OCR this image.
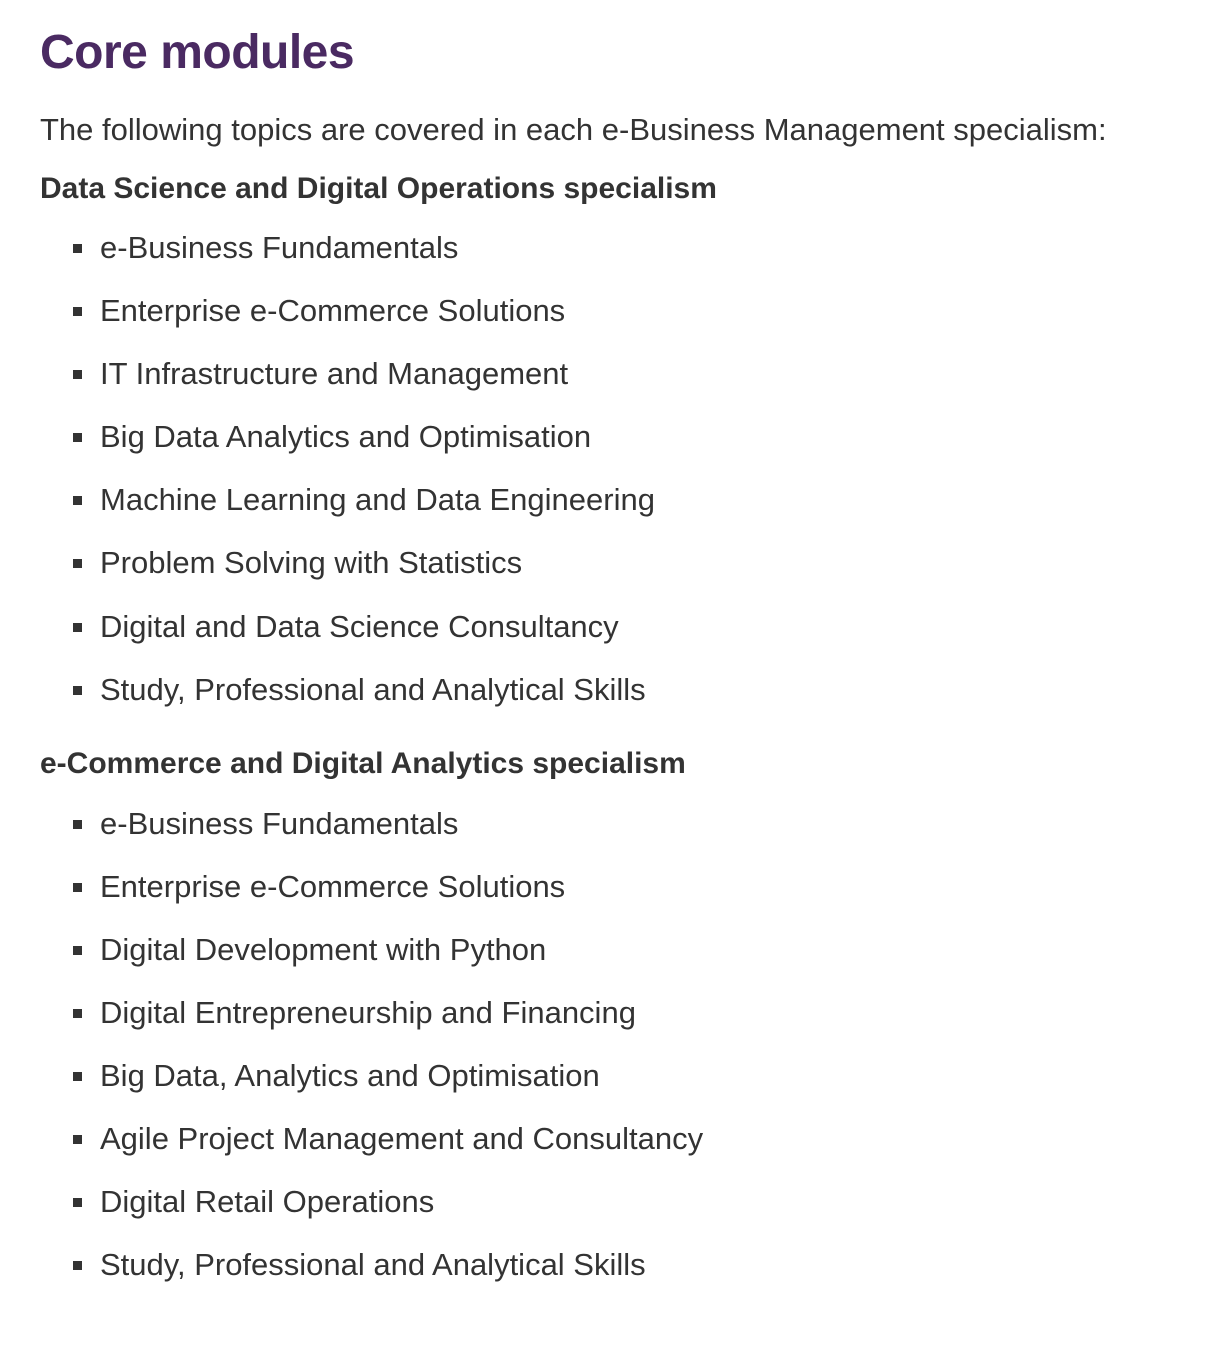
Core modules

The following topics are covered in each e-Business Management specialism:

Data Science and Digital Operations specialism
e-Business Fundamentals
Enterprise e-Commerce Solutions
IT Infrastructure and Management
Big Data Analytics and Optimisation
Machine Learning and Data Engineering
Problem Solving with Statistics
Digital and Data Science Consultancy
Study, Professional and Analytical Skills
e-Commerce and Digital Analytics specialism
e-Business Fundamentals
Enterprise e-Commerce Solutions
Digital Development with Python
Digital Entrepreneurship and Financing
Big Data, Analytics and Optimisation
Agile Project Management and Consultancy
Digital Retail Operations
Study, Professional and Analytical Skills
